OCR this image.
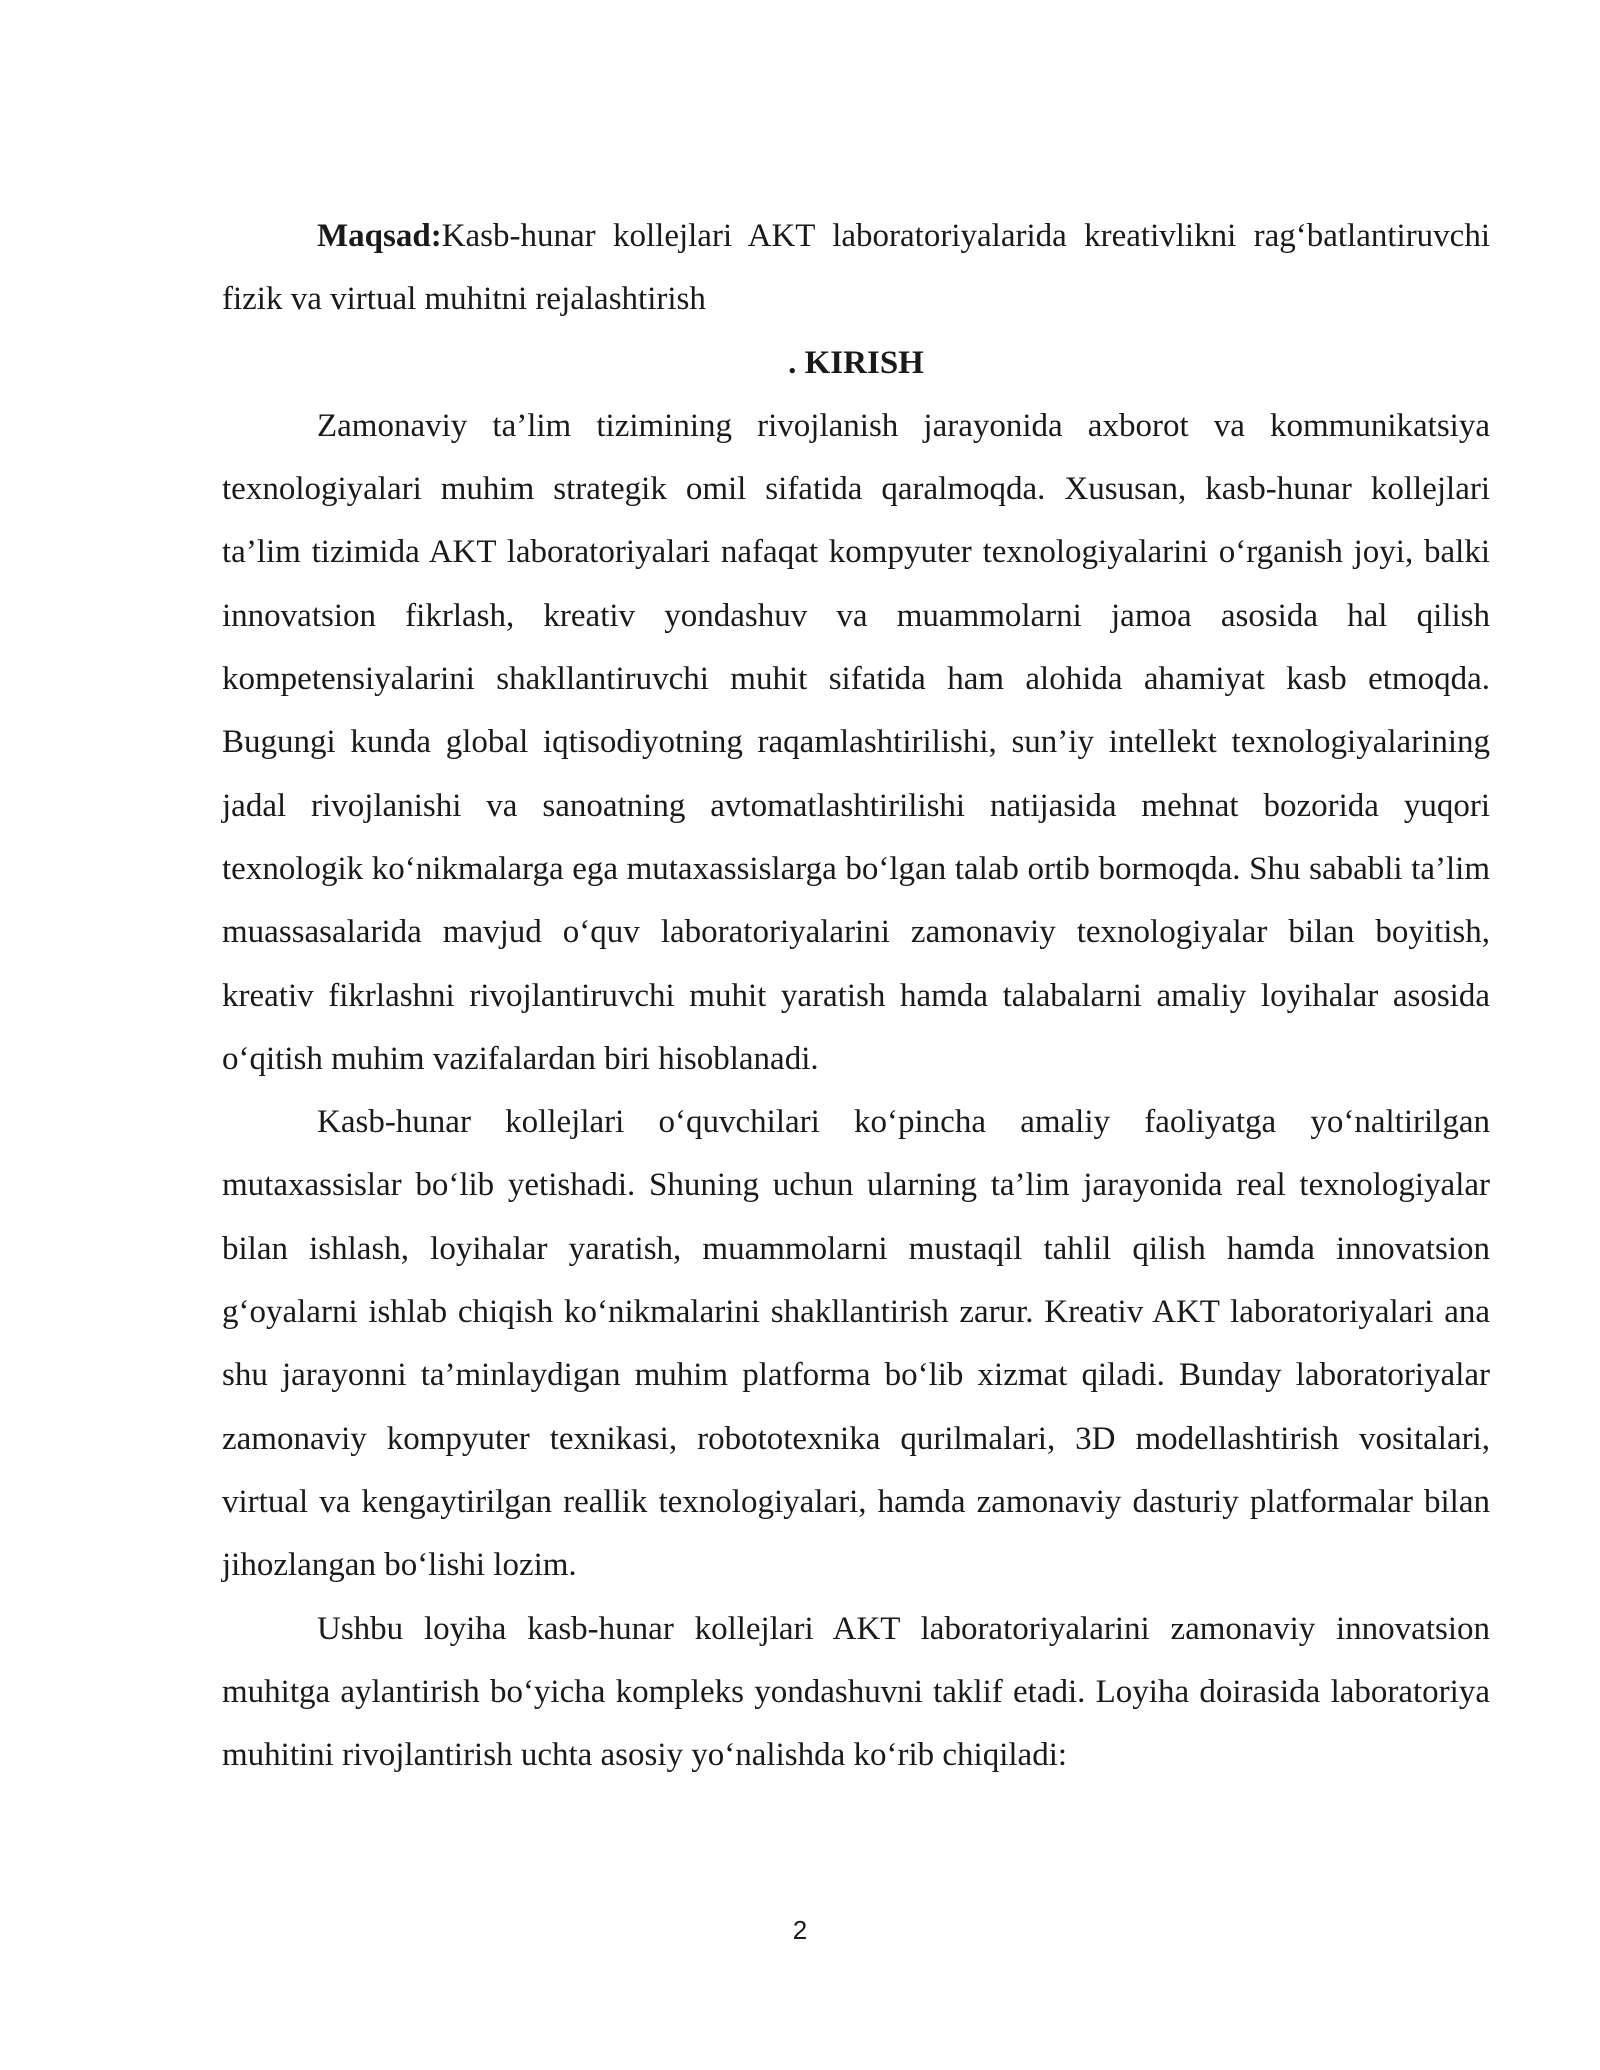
Maqsad:Kasb-hunar kollejlari AKT laboratoriyalarida kreativlikni rag‘batlantiruvchi fizik va virtual muhitni rejalashtirish

. KIRISH

Zamonaviy ta’lim tizimining rivojlanish jarayonida axborot va kommunikatsiya texnologiyalari muhim strategik omil sifatida qaralmoqda. Xususan, kasb-hunar kollejlari ta’lim tizimida AKT laboratoriyalari nafaqat kompyuter texnologiyalarini o‘rganish joyi, balki innovatsion fikrlash, kreativ yondashuv va muammolarni jamoa asosida hal qilish kompetensiyalarini shakllantiruvchi muhit sifatida ham alohida ahamiyat kasb etmoqda. Bugungi kunda global iqtisodiyotning raqamlashtirilishi, sun’iy intellekt texnologiyalarining jadal rivojlanishi va sanoatning avtomatlashtirilishi natijasida mehnat bozorida yuqori texnologik ko‘nikmalarga ega mutaxassislarga bo‘lgan talab ortib bormoqda. Shu sababli ta’lim muassasalarida mavjud o‘quv laboratoriyalarini zamonaviy texnologiyalar bilan boyitish, kreativ fikrlashni rivojlantiruvchi muhit yaratish hamda talabalarni amaliy loyihalar asosida o‘qitish muhim vazifalardan biri hisoblanadi.

Kasb-hunar kollejlari o‘quvchilari ko‘pincha amaliy faoliyatga yo‘naltirilgan mutaxassislar bo‘lib yetishadi. Shuning uchun ularning ta’lim jarayonida real texnologiyalar bilan ishlash, loyihalar yaratish, muammolarni mustaqil tahlil qilish hamda innovatsion g‘oyalarni ishlab chiqish ko‘nikmalarini shakllantirish zarur. Kreativ AKT laboratoriyalari ana shu jarayonni ta’minlaydigan muhim platforma bo‘lib xizmat qiladi. Bunday laboratoriyalar zamonaviy kompyuter texnikasi, robototexnika qurilmalari, 3D modellashtirish vositalari, virtual va kengaytirilgan reallik texnologiyalari, hamda zamonaviy dasturiy platformalar bilan jihozlangan bo‘lishi lozim.

Ushbu loyiha kasb-hunar kollejlari AKT laboratoriyalarini zamonaviy innovatsion muhitga aylantirish bo‘yicha kompleks yondashuvni taklif etadi. Loyiha doirasida laboratoriya muhitini rivojlantirish uchta asosiy yo‘nalishda ko‘rib chiqiladi:

2
